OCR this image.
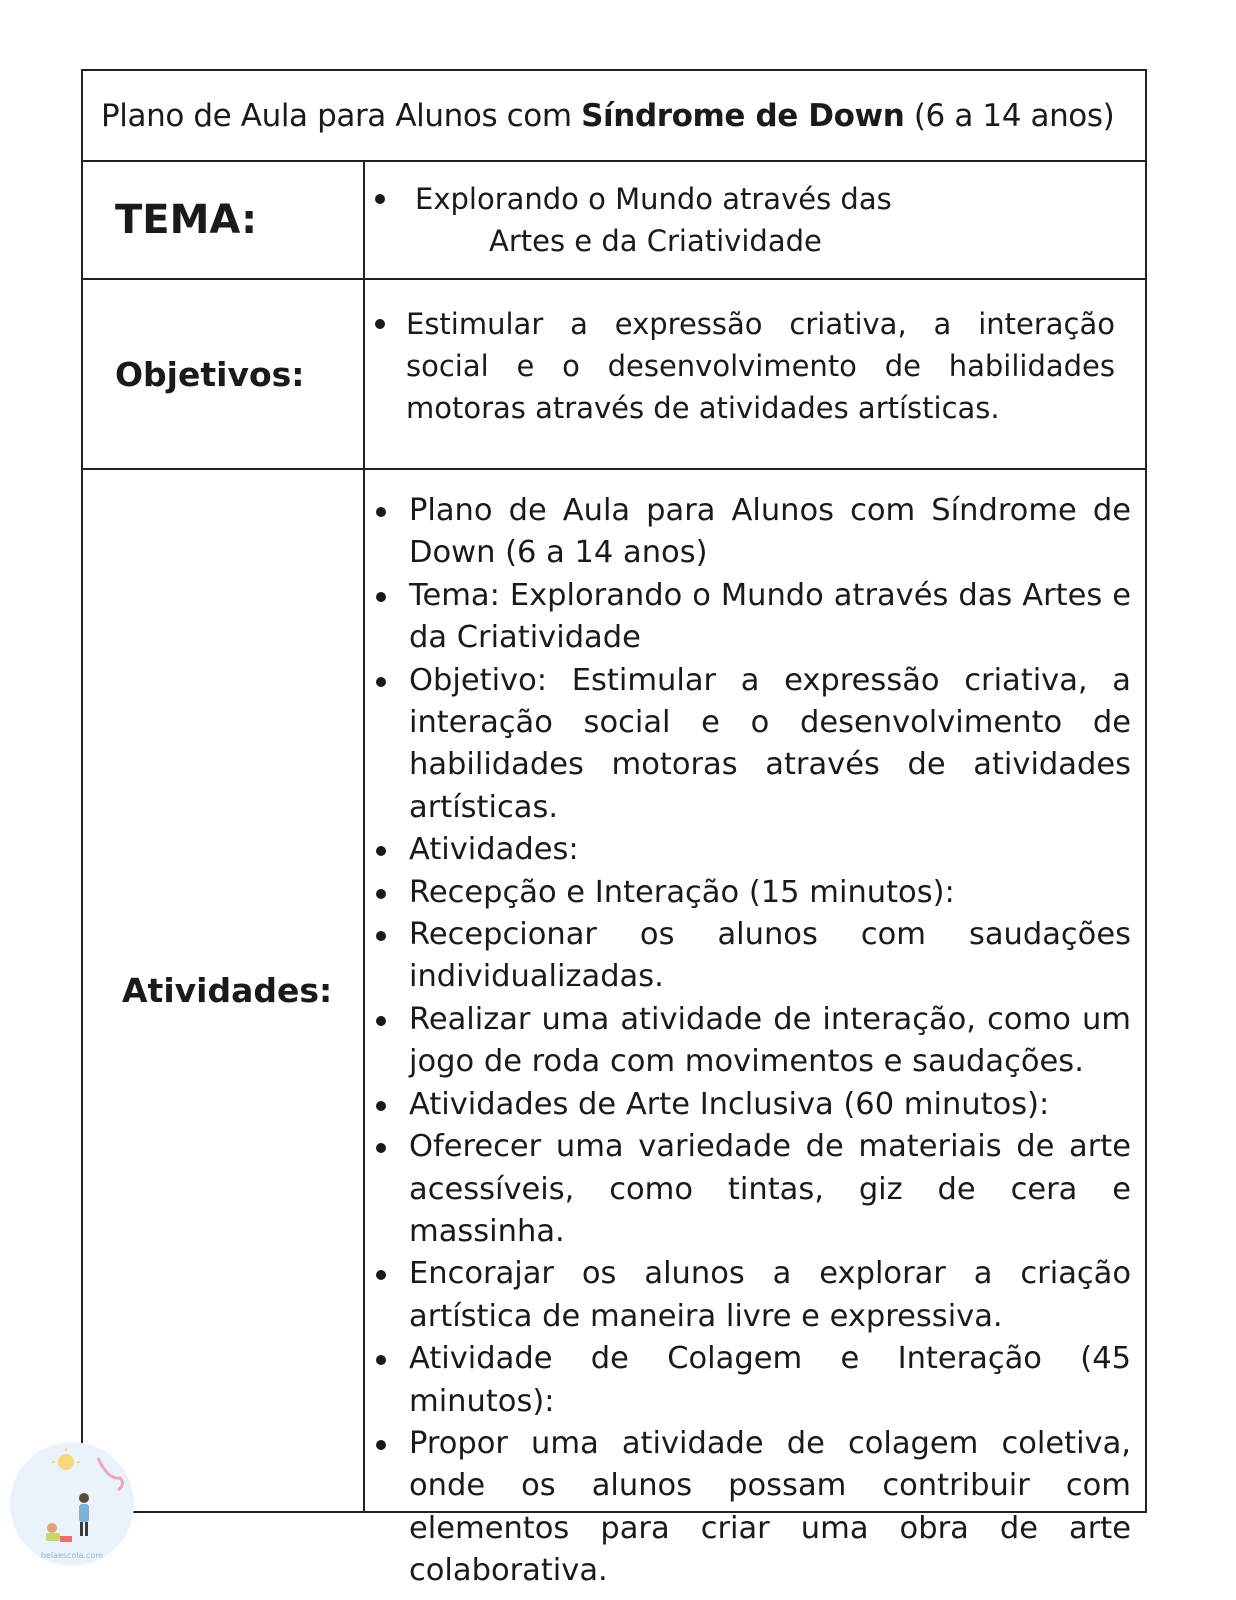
Plano de Aula para Alunos com Síndrome de Down (6 a 14 anos)
TEMA:	Explorando o Mundo através das
Artes e da Criatividade
Objetivos:
Estimular a expressão criativa, a interação social e o desenvolvimento de habilidades motoras através de atividades artísticas.
Atividades:
Plano de Aula para Alunos com Síndrome de Down (6 a 14 anos)
Tema: Explorando o Mundo através das Artes e da Criatividade
Objetivo: Estimular a expressão criativa, a interação social e o desenvolvimento de habilidades motoras através de atividades artísticas.
Atividades:
Recepção e Interação (15 minutos):
Recepcionar os alunos com saudações individualizadas.
Realizar uma atividade de interação, como um jogo de roda com movimentos e saudações.
Atividades de Arte Inclusiva (60 minutos):
Oferecer uma variedade de materiais de arte acessíveis, como tintas, giz de cera e massinha.
Encorajar os alunos a explorar a criação artística de maneira livre e expressiva.
Atividade de Colagem e Interação (45 minutos):
Propor uma atividade de colagem coletiva, onde os alunos possam contribuir com elementos para criar uma obra de arte colaborativa.
belaescola.com
